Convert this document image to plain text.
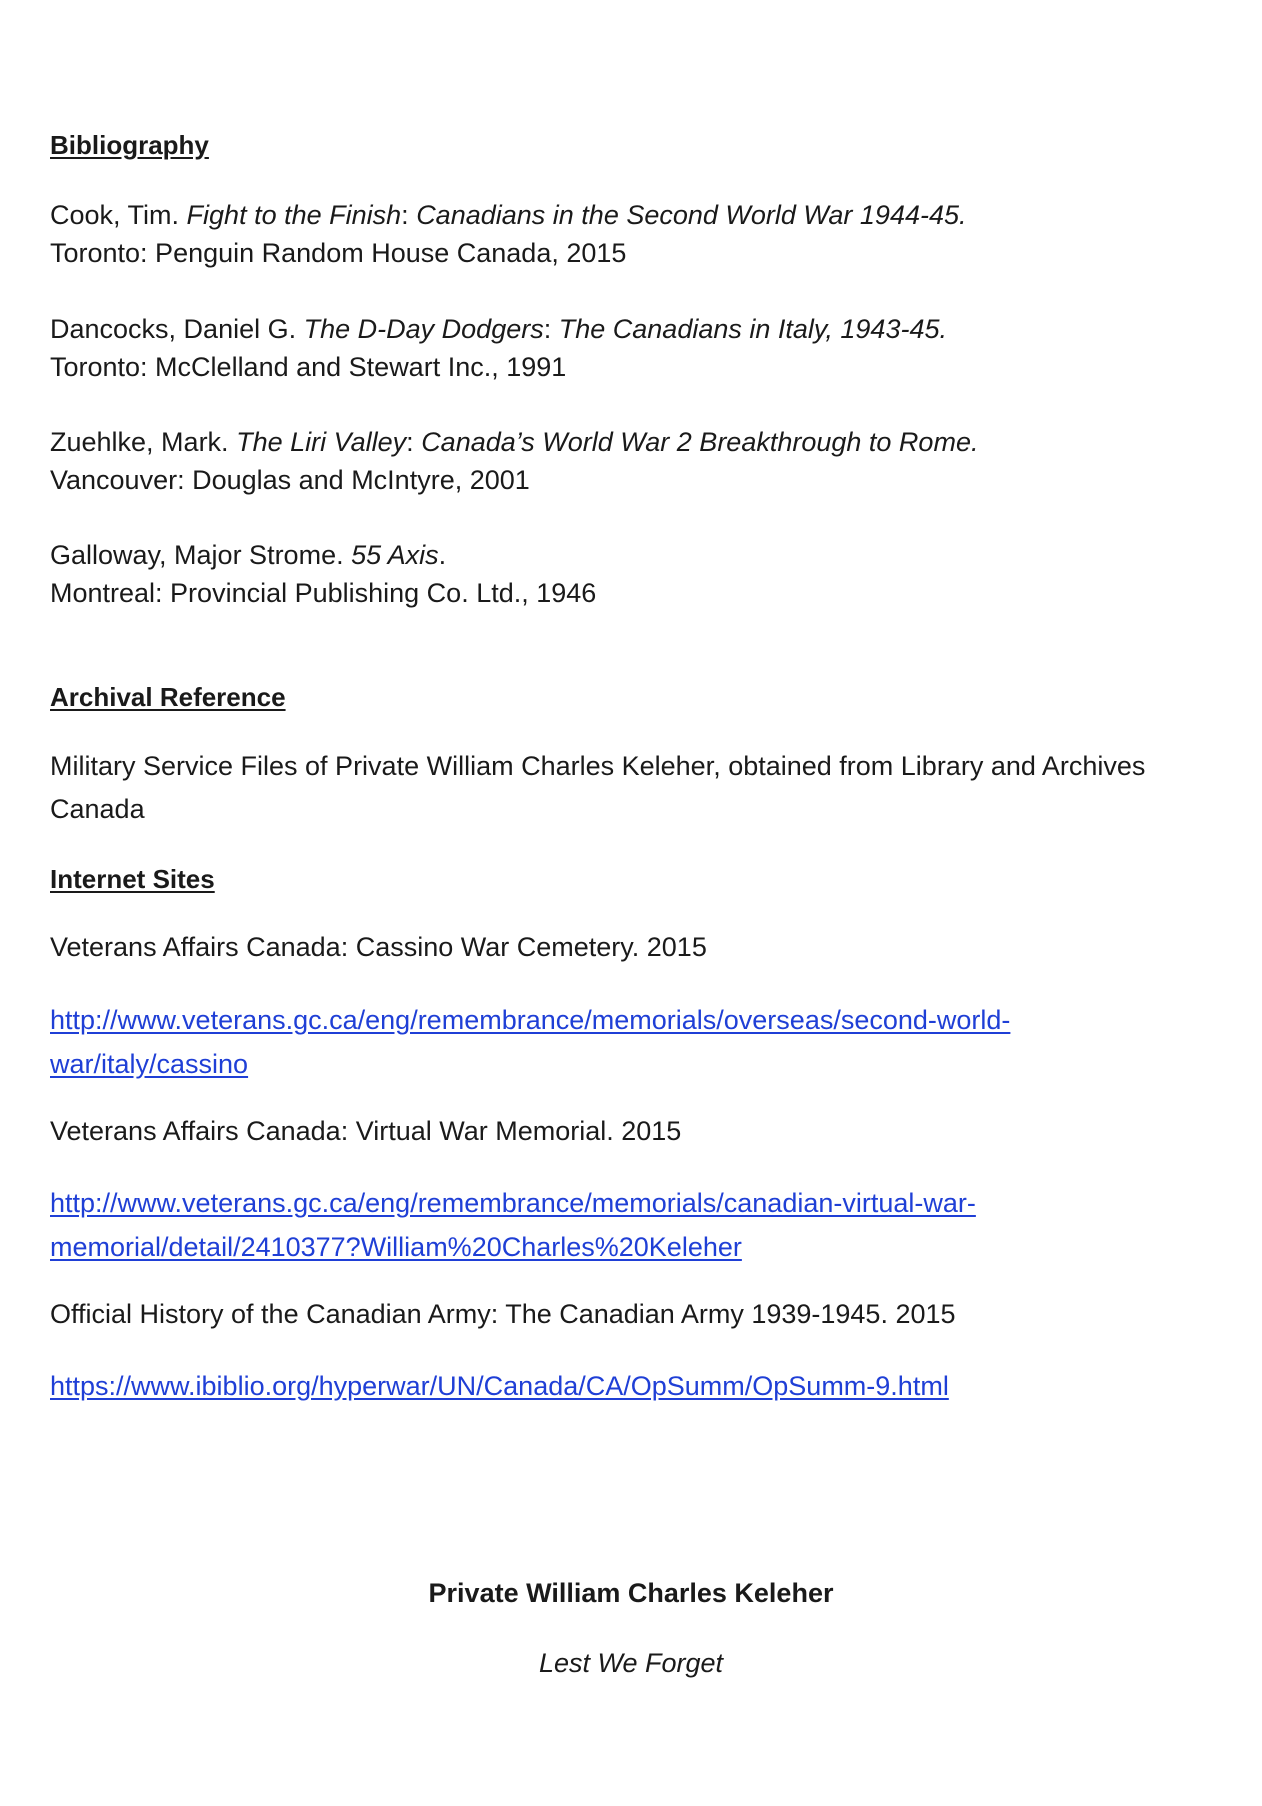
Bibliography
Cook, Tim. Fight to the Finish: Canadians in the Second World War 1944-45.
Toronto: Penguin Random House Canada, 2015
Dancocks, Daniel G. The D-Day Dodgers: The Canadians in Italy, 1943-45.
Toronto: McClelland and Stewart Inc., 1991
Zuehlke, Mark. The Liri Valley: Canada’s World War 2 Breakthrough to Rome.
Vancouver: Douglas and McIntyre, 2001
Galloway, Major Strome. 55 Axis.
Montreal: Provincial Publishing Co. Ltd., 1946
Archival Reference
Military Service Files of Private William Charles Keleher, obtained from Library and Archives
Canada
Internet Sites
Veterans Affairs Canada: Cassino War Cemetery. 2015
http://www.veterans.gc.ca/eng/remembrance/memorials/overseas/second-world-
war/italy/cassino
Veterans Affairs Canada: Virtual War Memorial. 2015
http://www.veterans.gc.ca/eng/remembrance/memorials/canadian-virtual-war-
memorial/detail/2410377?William%20Charles%20Keleher
Official History of the Canadian Army: The Canadian Army 1939-1945. 2015
https://www.ibiblio.org/hyperwar/UN/Canada/CA/OpSumm/OpSumm-9.html
Private William Charles Keleher
Lest We Forget
